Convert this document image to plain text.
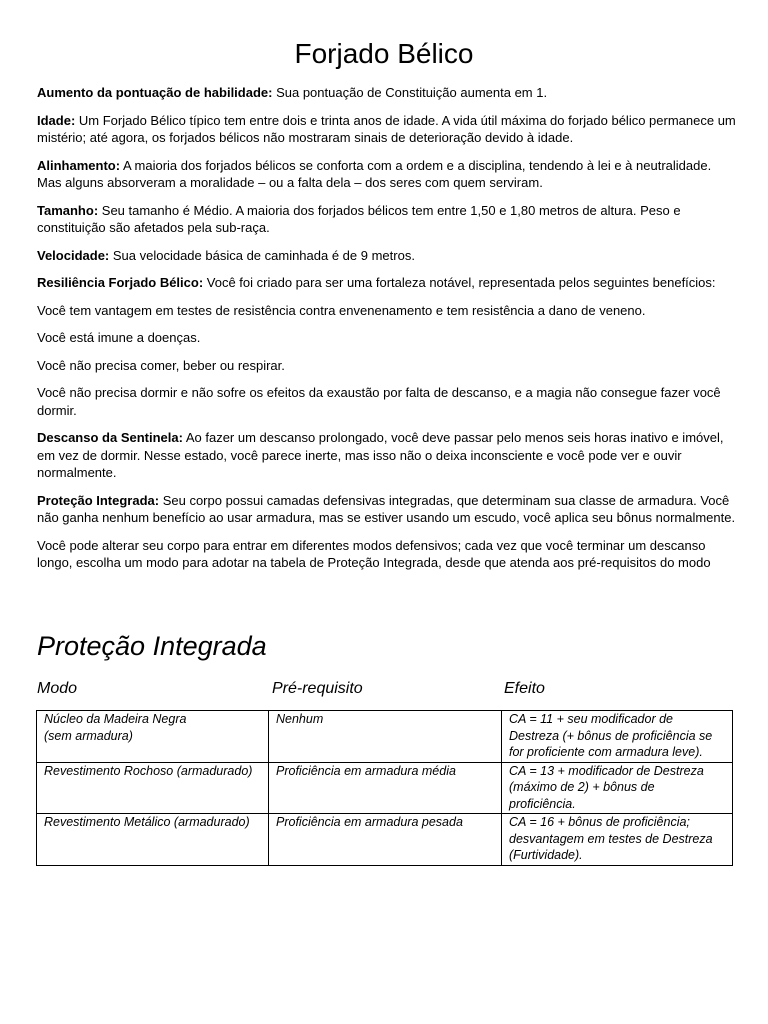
Forjado Bélico

Aumento da pontuação de habilidade: Sua pontuação de Constituição aumenta em 1.

Idade: Um Forjado Bélico típico tem entre dois e trinta anos de idade. A vida útil máxima do forjado bélico permanece um mistério; até agora, os forjados bélicos não mostraram sinais de deterioração devido à idade.

Alinhamento: A maioria dos forjados bélicos se conforta com a ordem e a disciplina, tendendo à lei e à neutralidade. Mas alguns absorveram a moralidade – ou a falta dela – dos seres com quem serviram.

Tamanho: Seu tamanho é Médio. A maioria dos forjados bélicos tem entre 1,50 e 1,80 metros de altura. Peso e constituição são afetados pela sub-raça.

Velocidade: Sua velocidade básica de caminhada é de 9 metros.

Resiliência Forjado Bélico: Você foi criado para ser uma fortaleza notável, representada pelos seguintes benefícios:

Você tem vantagem em testes de resistência contra envenenamento e tem resistência a dano de veneno.

Você está imune a doenças.

Você não precisa comer, beber ou respirar.

Você não precisa dormir e não sofre os efeitos da exaustão por falta de descanso, e a magia não consegue fazer você dormir.

Descanso da Sentinela: Ao fazer um descanso prolongado, você deve passar pelo menos seis horas inativo e imóvel, em vez de dormir. Nesse estado, você parece inerte, mas isso não o deixa inconsciente e você pode ver e ouvir normalmente.

Proteção Integrada: Seu corpo possui camadas defensivas integradas, que determinam sua classe de armadura. Você não ganha nenhum benefício ao usar armadura, mas se estiver usando um escudo, você aplica seu bônus normalmente.

Você pode alterar seu corpo para entrar em diferentes modos defensivos; cada vez que você terminar um descanso longo, escolha um modo para adotar na tabela de Proteção Integrada, desde que atenda aos pré-requisitos do modo

Proteção Integrada
Modo	Pré-requisito	Efeito
Núcleo da Madeira Negra
(sem armadura)	Nenhum	CA = 11 + seu modificador de
Destreza (+ bônus de proficiência se
for proficiente com armadura leve).

Revestimento Rochoso (armadurado)	Proficiência em armadura média	CA = 13 + modificador de Destreza
(máximo de 2) + bônus de
proficiência.

Revestimento Metálico (armadurado)	Proficiência em armadura pesada	CA = 16 + bônus de proficiência;
desvantagem em testes de Destreza
(Furtividade).
